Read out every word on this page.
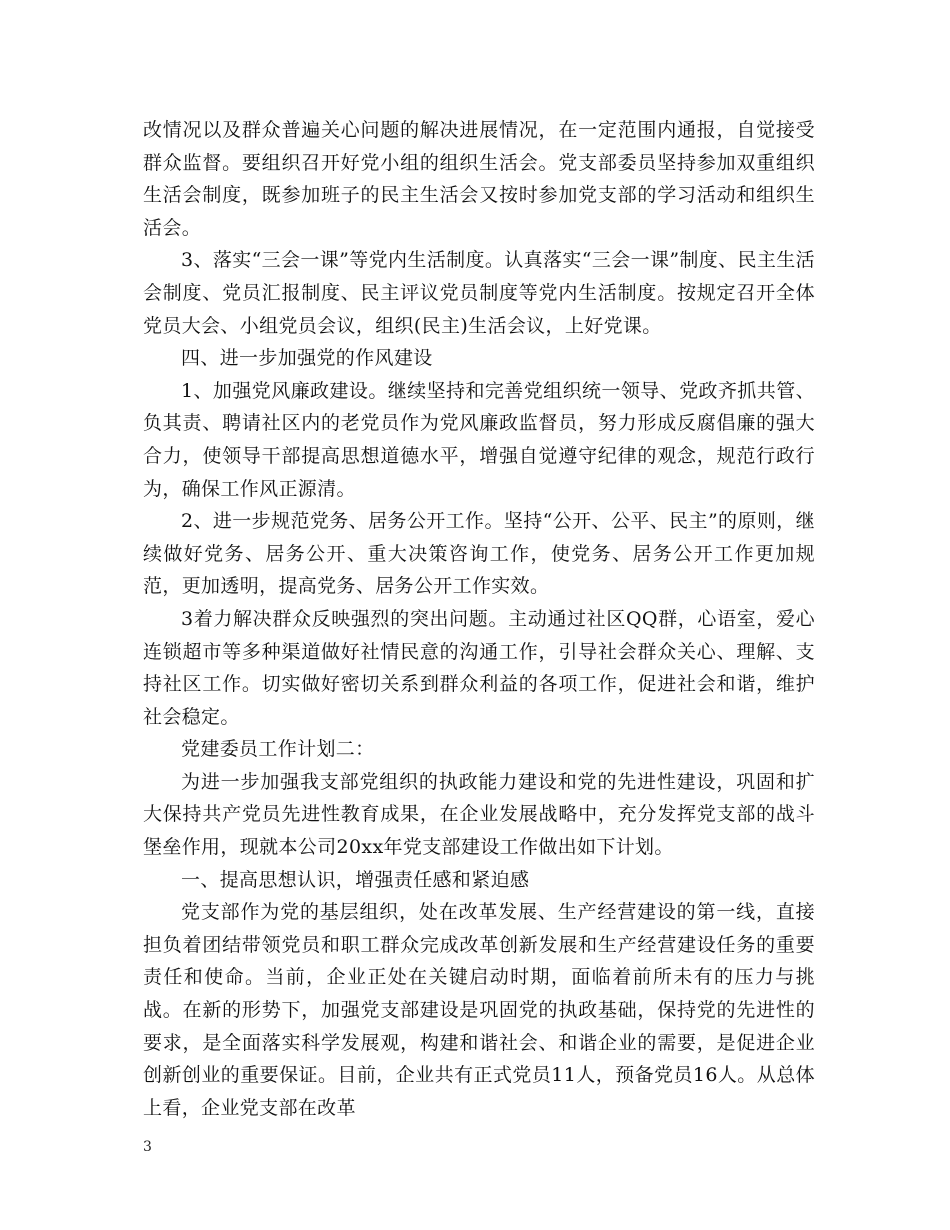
改情况以及群众普遍关心问题的解决进展情况，在一定范围内通报，自觉接受群众监督。要组织召开好党小组的组织生活会。党支部委员坚持参加双重组织生活会制度，既参加班子的民主生活会又按时参加党支部的学习活动和组织生活会。

3、落实“三会一课”等党内生活制度。认真落实“三会一课”制度、民主生活会制度、党员汇报制度、民主评议党员制度等党内生活制度。按规定召开全体党员大会、小组党员会议，组织(民主)生活会议，上好党课。

四、进一步加强党的作风建设

1、加强党风廉政建设。继续坚持和完善党组织统一领导、党政齐抓共管、负其责、聘请社区内的老党员作为党风廉政监督员，努力形成反腐倡廉的强大合力，使领导干部提高思想道德水平，增强自觉遵守纪律的观念，规范行政行为，确保工作风正源清。

2、进一步规范党务、居务公开工作。坚持“公开、公平、民主”的原则，继续做好党务、居务公开、重大决策咨询工作，使党务、居务公开工作更加规范，更加透明，提高党务、居务公开工作实效。

3着力解决群众反映强烈的突出问题。主动通过社区QQ群，心语室，爱心连锁超市等多种渠道做好社情民意的沟通工作，引导社会群众关心、理解、支持社区工作。切实做好密切关系到群众利益的各项工作，促进社会和谐，维护社会稳定。

党建委员工作计划二：

为进一步加强我支部党组织的执政能力建设和党的先进性建设，巩固和扩大保持共产党员先进性教育成果，在企业发展战略中，充分发挥党支部的战斗堡垒作用，现就本公司20xx年党支部建设工作做出如下计划。

一、提高思想认识，增强责任感和紧迫感

党支部作为党的基层组织，处在改革发展、生产经营建设的第一线，直接担负着团结带领党员和职工群众完成改革创新发展和生产经营建设任务的重要责任和使命。当前，企业正处在关键启动时期，面临着前所未有的压力与挑战。在新的形势下，加强党支部建设是巩固党的执政基础，保持党的先进性的要求，是全面落实科学发展观，构建和谐社会、和谐企业的需要，是促进企业创新创业的重要保证。目前，企业共有正式党员11人，预备党员16人。从总体上看，企业党支部在改革

3
